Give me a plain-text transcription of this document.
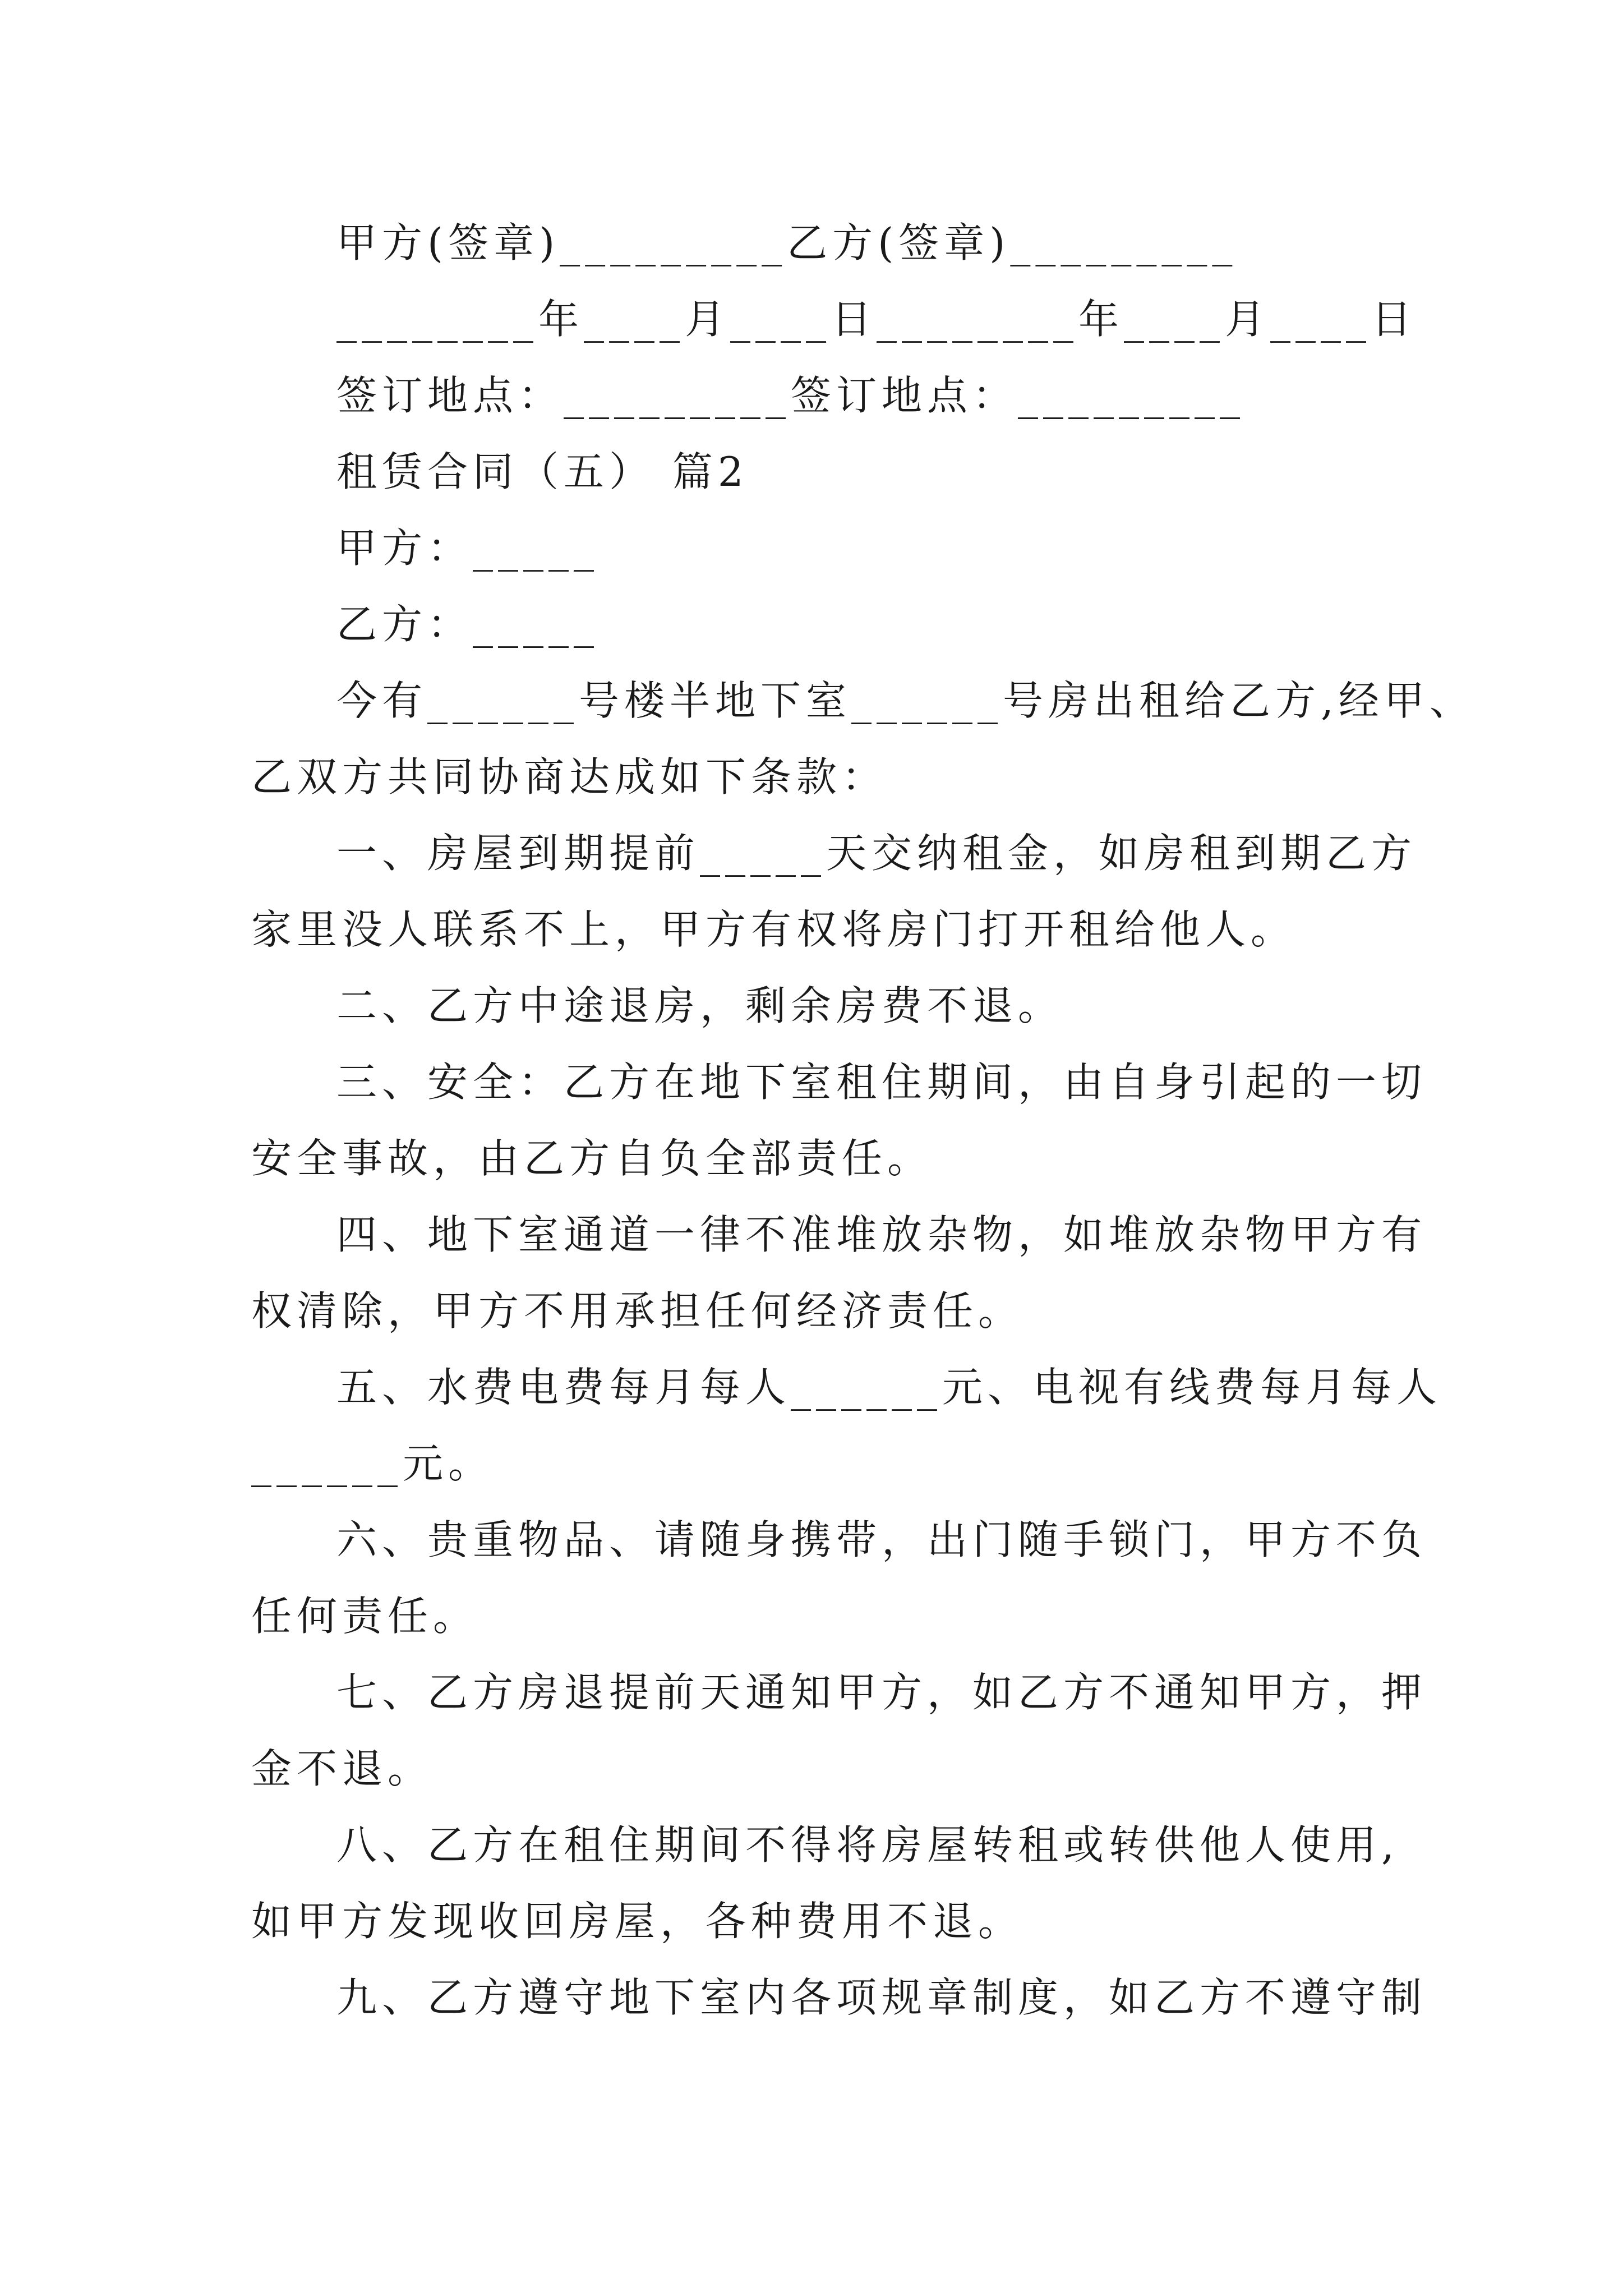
甲方(签章)_________乙方(签章)_________
________年____月____日________年____月____日
签订地点：_________签订地点：_________
租赁合同（五） 篇2
甲方：_____
乙方：_____
今有______号楼半地下室______号房出租给乙方,经甲、
乙双方共同协商达成如下条款：
一、房屋到期提前_____天交纳租金，如房租到期乙方
家里没人联系不上，甲方有权将房门打开租给他人。
二、乙方中途退房，剩余房费不退。
三、安全：乙方在地下室租住期间，由自身引起的一切
安全事故，由乙方自负全部责任。
四、地下室通道一律不准堆放杂物，如堆放杂物甲方有
权清除，甲方不用承担任何经济责任。
五、水费电费每月每人______元、电视有线费每月每人
______元。
六、贵重物品、请随身携带，出门随手锁门，甲方不负
任何责任。
七、乙方房退提前天通知甲方，如乙方不通知甲方，押
金不退。
八、乙方在租住期间不得将房屋转租或转供他人使用,
如甲方发现收回房屋，各种费用不退。
九、乙方遵守地下室内各项规章制度，如乙方不遵守制
